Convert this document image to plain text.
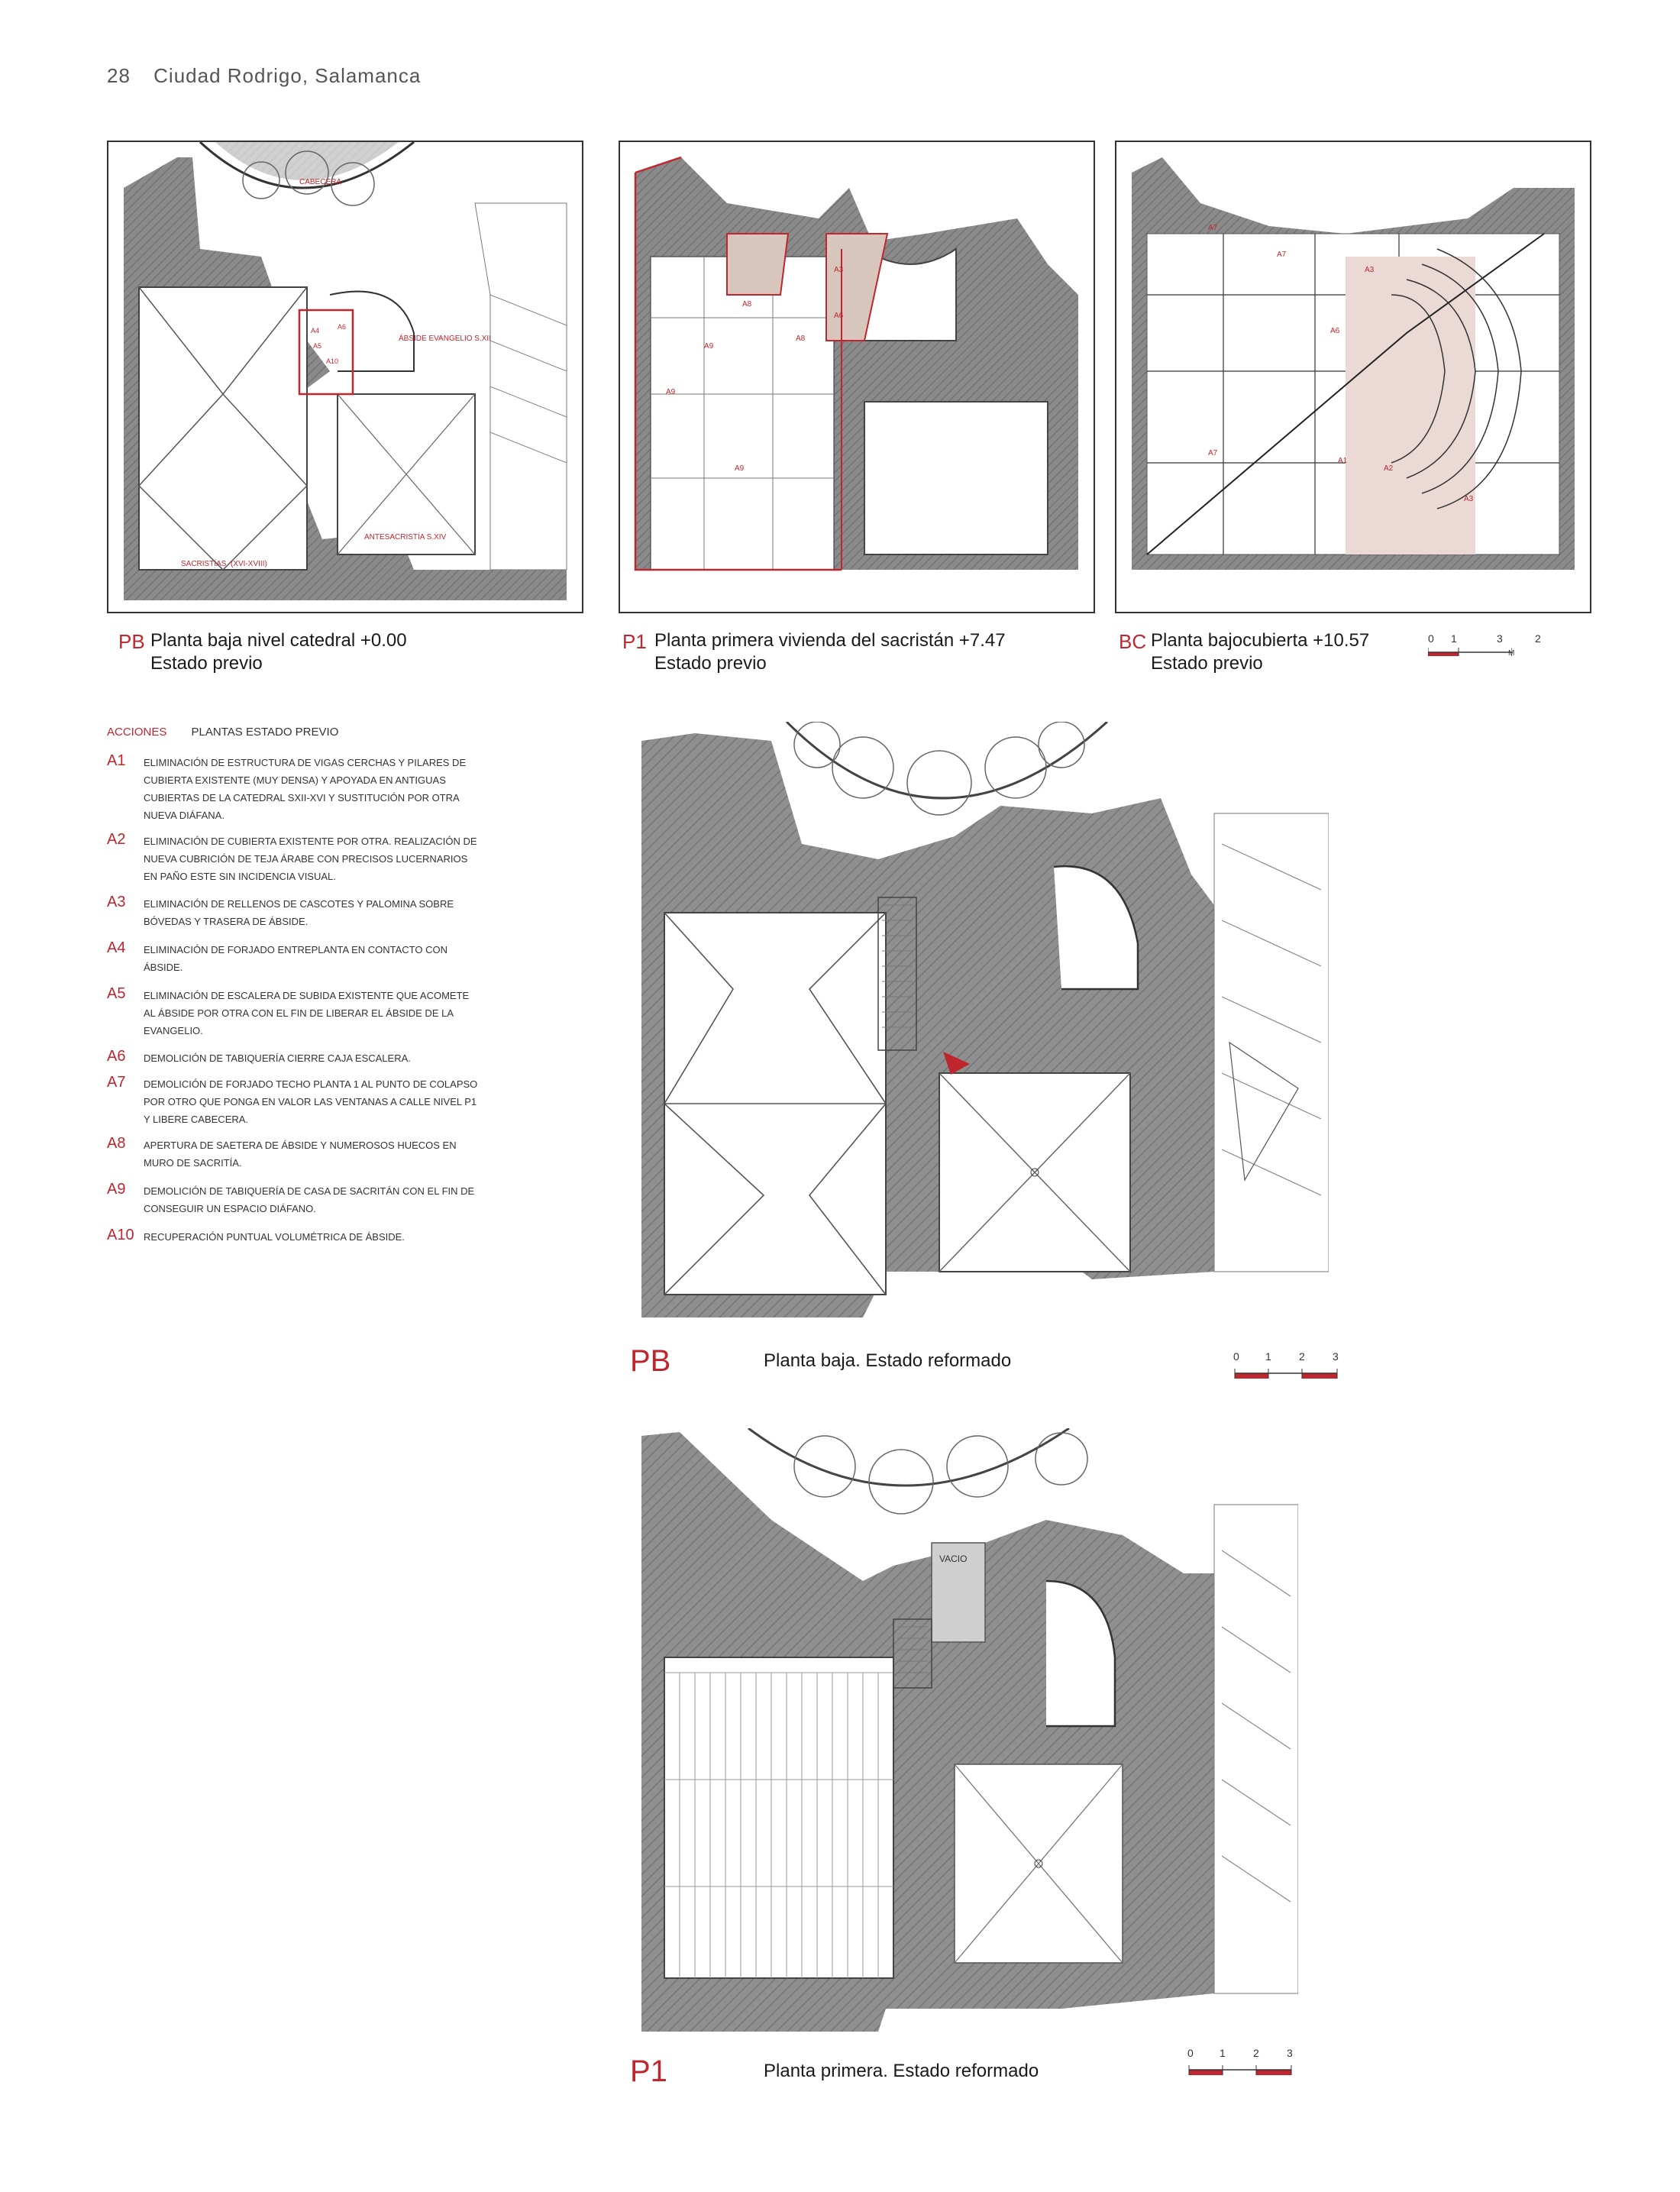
28 Ciudad Rodrigo, Salamanca
CABECERA
ÁBSIDE EVANGELIO S.XII
SACRISTÍAS. (XVI-XVIII)
ANTESACRISTÍA S.XIV
A4
A5
A6
A10
A3
A6
A8
A8
A9
A9
A9
A7
A7
A7
A3
A6
A1
A2
A3
PB Planta baja nivel catedral +0.00
Estado previo
P1 Planta primera vivienda del sacristán +7.47
Estado previo
BC Planta bajocubierta +10.57
Estado previo
0 1	3	2
M
ACCIONES PLANTAS ESTADO PREVIO
A1 ELIMINACIÓN DE ESTRUCTURA DE VIGAS CERCHAS Y PILARES DE CUBIERTA EXISTENTE (MUY DENSA) Y APOYADA EN ANTIGUAS CUBIERTAS DE LA CATEDRAL SXII-XVI Y SUSTITUCIÓN POR OTRA NUEVA DIÁFANA.
A2 ELIMINACIÓN DE CUBIERTA EXISTENTE POR OTRA. REALIZACIÓN DE NUEVA CUBRICIÓN DE TEJA ÁRABE CON PRECISOS LUCERNARIOS EN PAÑO ESTE SIN INCIDENCIA VISUAL.
A3 ELIMINACIÓN DE RELLENOS DE CASCOTES Y PALOMINA SOBRE BÓVEDAS Y TRASERA DE ÁBSIDE.
A4 ELIMINACIÓN DE FORJADO ENTREPLANTA EN CONTACTO CON ÁBSIDE.
A5 ELIMINACIÓN DE ESCALERA DE SUBIDA EXISTENTE QUE ACOMETE AL ÁBSIDE POR OTRA CON EL FIN DE LIBERAR EL ÁBSIDE DE LA EVANGELIO.
A6 DEMOLICIÓN DE TABIQUERÍA CIERRE CAJA ESCALERA.
A7 DEMOLICIÓN DE FORJADO TECHO PLANTA 1 AL PUNTO DE COLAPSO POR OTRO QUE PONGA EN VALOR LAS VENTANAS A CALLE NIVEL P1 Y LIBERE CABECERA.
A8 APERTURA DE SAETERA DE ÁBSIDE Y NUMEROSOS HUECOS EN MURO DE SACRITÍA.
A9 DEMOLICIÓN DE TABIQUERÍA DE CASA DE SACRITÁN CON EL FIN DE CONSEGUIR UN ESPACIO DIÁFANO.
A10 RECUPERACIÓN PUNTUAL VOLUMÉTRICA DE ÁBSIDE.
PB	Planta baja. Estado reformado	0 1	2	3
VACIO
P1	Planta primera. Estado reformado
0 1	2	3
